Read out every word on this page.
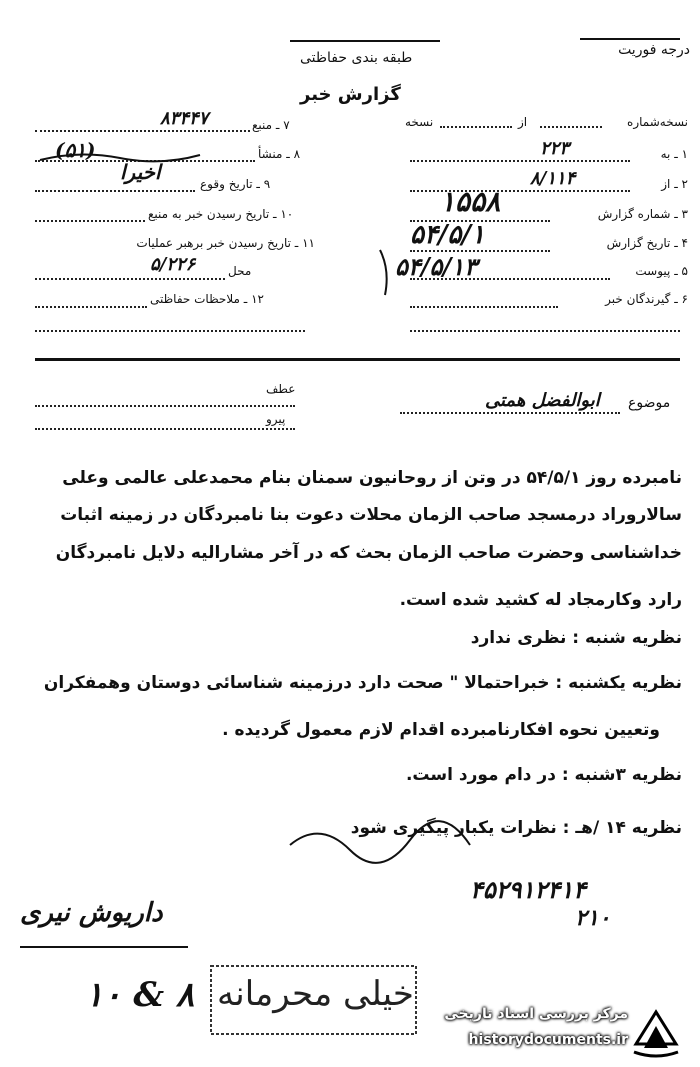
درجه فوریت
طبقه بندی حفاظتی
گزارش خبر
نسخه‌شماره
از
نسخه
۱ ـ به
۲۲۳
۲ ـ از
۸/۱۱۴
۳ ـ شماره گزارش
۱۵۵۸
۴ ـ تاریخ گزارش
۵۴/۵/۱
۵ ـ پیوست
۵۴/۵/۱۳
۶ ـ گیرندگان خبر
۷ ـ منبع
۸۳۴۴۷
۸ ـ منشأ
(۵۱)
۹ ـ تاریخ وقوع
اخیرا
۱۰ ـ تاریخ رسیدن خبر به منبع
۱۱ ـ تاریخ رسیدن خبر برهبر عملیات
محل
۵/۲۲۶
۱۲ ـ ملاحظات حفاظتی
موضوع
ابوالفضل همتی
عطف
پیرو
نامبرده روز ۵۴/۵/۱ در وتن از روحانیون سمنان بنام محمدعلی عالمی وعلی
سالاروراد درمسجد صاحب الزمان محلات دعوت بنا نامبردگان در زمینه اثبات
خداشناسی وحضرت صاحب الزمان بحث که در آخر مشارالیه دلایل نامبردگان
رارد وکارمجاد له کشید شده است.
نظریه شنبه : نظری ندارد
نظریه یکشنبه : خبراحتمالا " صحت دارد درزمینه شناسائی دوستان وهمفکران
وتعیین نحوه افکارنامبرده اقدام لازم معمول گردیده .
نظریه ۳شنبه : در دام مورد است.
نظریه ۱۴ /هـ : نظرات یکبار پیگیری شود
داریوش نیری
۴۵۲۹۱۲۴۱۴
۲۱۰
۱۰ & ۸ خیلی محرمانه مرکز بررسی اسناد تاریخی
historydocuments.ir
